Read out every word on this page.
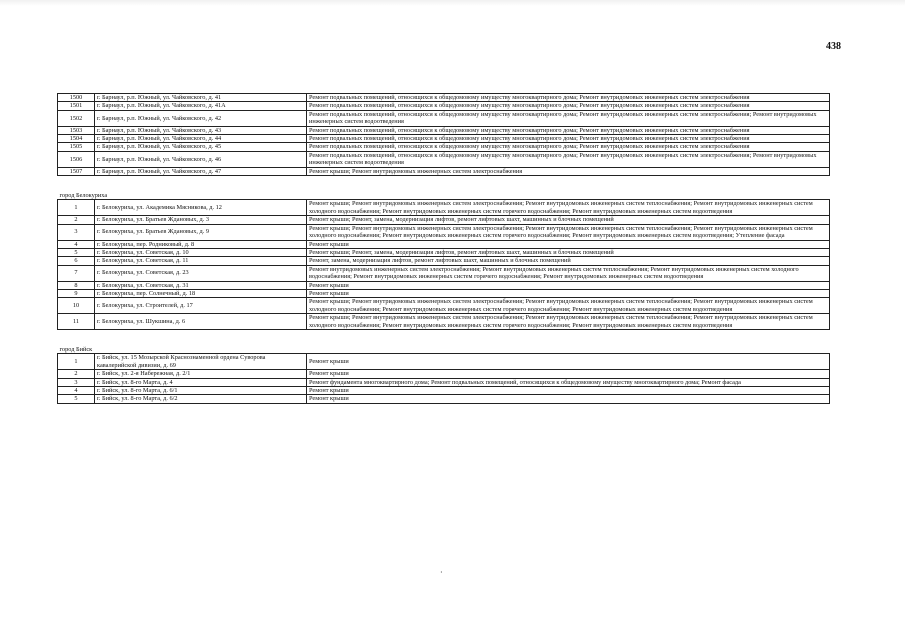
438
1500	г. Барнаул, р.п. Южный, ул. Чайковского, д. 41	Ремонт подвальных помещений, относящихся к общедомовому имуществу многоквартирного дома; Ремонт внутридомовых инженерных систем электроснабжения
1501	г. Барнаул, р.п. Южный, ул. Чайковского, д. 41А	Ремонт подвальных помещений, относящихся к общедомовому имуществу многоквартирного дома; Ремонт внутридомовых инженерных систем электроснабжения
1502	г. Барнаул, р.п. Южный, ул. Чайковского, д. 42	Ремонт подвальных помещений, относящихся к общедомовому имуществу многоквартирного дома; Ремонт внутридомовых инженерных систем электроснабжения; Ремонт внутридомовых инженерных систем водоотведения
1503	г. Барнаул, р.п. Южный, ул. Чайковского, д. 43	Ремонт подвальных помещений, относящихся к общедомовому имуществу многоквартирного дома; Ремонт внутридомовых инженерных систем электроснабжения
1504	г. Барнаул, р.п. Южный, ул. Чайковского, д. 44	Ремонт подвальных помещений, относящихся к общедомовому имуществу многоквартирного дома; Ремонт внутридомовых инженерных систем электроснабжения
1505	г. Барнаул, р.п. Южный, ул. Чайковского, д. 45	Ремонт подвальных помещений, относящихся к общедомовому имуществу многоквартирного дома; Ремонт внутридомовых инженерных систем электроснабжения
1506	г. Барнаул, р.п. Южный, ул. Чайковского, д. 46	Ремонт подвальных помещений, относящихся к общедомовому имуществу многоквартирного дома; Ремонт внутридомовых инженерных систем электроснабжения; Ремонт внутридомовых инженерных систем водоотведения
1507	г. Барнаул, р.п. Южный, ул. Чайковского, д. 47	Ремонт крыши; Ремонт внутридомовых инженерных систем электроснабжения

город Белокуриха		
1	г. Белокуриха, ул. Академика Мясникова, д. 12	Ремонт крыши; Ремонт внутридомовых инженерных систем электроснабжения; Ремонт внутридомовых инженерных систем теплоснабжения; Ремонт внутридомовых инженерных систем холодного водоснабжения; Ремонт внутридомовых инженерных систем горячего водоснабжения; Ремонт внутридомовых инженерных систем водоотведения
2	г. Белокуриха, ул. Братьев Ждановых, д. 3	Ремонт крыши; Ремонт, замена, модернизация лифтов, ремонт лифтовых шахт, машинных и блочных помещений
3	г. Белокуриха, ул. Братьев Ждановых, д. 9	Ремонт крыши; Ремонт внутридомовых инженерных систем электроснабжения; Ремонт внутридомовых инженерных систем теплоснабжения; Ремонт внутридомовых инженерных систем холодного водоснабжения; Ремонт внутридомовых инженерных систем горячего водоснабжения; Ремонт внутридомовых инженерных систем водоотведения; Утепление фасада
4	г. Белокуриха, пер. Родниковый, д. 8	Ремонт крыши
5	г. Белокуриха, ул. Советская, д. 10	Ремонт крыши; Ремонт, замена, модернизация лифтов, ремонт лифтовых шахт, машинных и блочных помещений
6	г. Белокуриха, ул. Советская, д. 11	Ремонт, замена, модернизация лифтов, ремонт лифтовых шахт, машинных и блочных помещений
7	г. Белокуриха, ул. Советская, д. 23	Ремонт внутридомовых инженерных систем электроснабжения; Ремонт внутридомовых инженерных систем теплоснабжения; Ремонт внутридомовых инженерных систем холодного водоснабжения; Ремонт внутридомовых инженерных систем горячего водоснабжения; Ремонт внутридомовых инженерных систем водоотведения
8	г. Белокуриха, ул. Советская, д. 31	Ремонт крыши
9	г. Белокуриха, пер. Солнечный, д. 18	Ремонт крыши
10	г. Белокуриха, ул. Строителей, д. 17	Ремонт крыши; Ремонт внутридомовых инженерных систем электроснабжения; Ремонт внутридомовых инженерных систем теплоснабжения; Ремонт внутридомовых инженерных систем холодного водоснабжения; Ремонт внутридомовых инженерных систем горячего водоснабжения; Ремонт внутридомовых инженерных систем водоотведения
11	г. Белокуриха, ул. Шукшина, д. 6	Ремонт крыши; Ремонт внутридомовых инженерных систем электроснабжения; Ремонт внутридомовых инженерных систем теплоснабжения; Ремонт внутридомовых инженерных систем холодного водоснабжения; Ремонт внутридомовых инженерных систем горячего водоснабжения; Ремонт внутридомовых инженерных систем водоотведения

город Бийск		
1	г. Бийск, ул. 15 Мозырской Краснознаменной ордена Суворова кавалерийской дивизии, д. 69	Ремонт крыши
2	г. Бийск, ул. 2-я Набережная, д. 2/1	Ремонт крыши
3	г. Бийск, ул. 8-го Марта, д. 4	Ремонт фундамента многоквартирного дома; Ремонт подвальных помещений, относящихся к общедомовому имуществу многоквартирного дома; Ремонт фасада
4	г. Бийск, ул. 8-го Марта, д. 6/1	Ремонт крыши
5	г. Бийск, ул. 8-го Марта, д. 6/2	Ремонт крыши
·
